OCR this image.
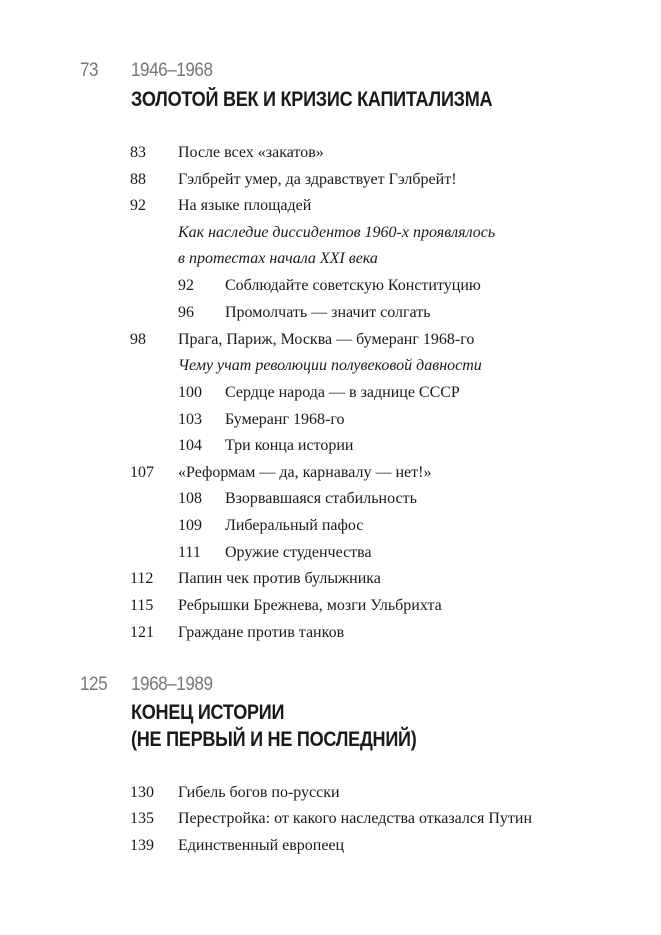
73 1946–1968
ЗОЛОТОЙ ВЕК И КРИЗИС КАПИТАЛИЗМА
83 После всех «закатов»
88 Гэлбрейт умер, да здравствует Гэлбрейт!
92 На языке площадей
Как наследие диссидентов 1960-х проявлялось
в протестах начала XXI века
92 Соблюдайте советскую Конституцию
96 Промолчать — значит солгать
98 Прага, Париж, Москва — бумеранг 1968-го
Чему учат революции полувековой давности
100 Сердце народа — в заднице СССР
103 Бумеранг 1968-го
104 Три конца истории
107 «Реформам — да, карнавалу — нет!»
108 Взорвавшаяся стабильность
109 Либеральный пафос
111 Оружие студенчества
112 Папин чек против булыжника
115 Ребрышки Брежнева, мозги Ульбрихта
121 Граждане против танков
125 1968–1989
КОНЕЦ ИСТОРИИ
(НЕ ПЕРВЫЙ И НЕ ПОСЛЕДНИЙ)
130 Гибель богов по-русски
135 Перестройка: от какого наследства отказался Путин
139 Единственный европеец
